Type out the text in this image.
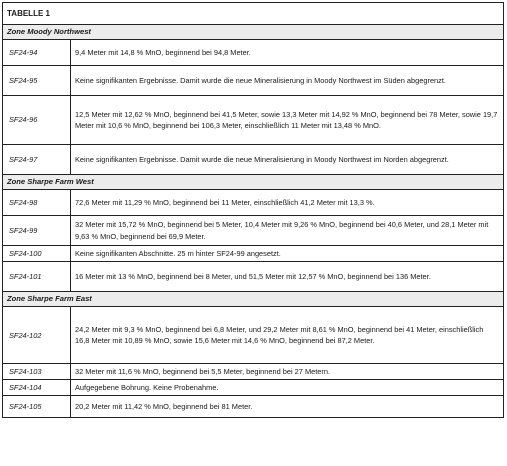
TABELLE 1	
Zone Moody Northwest	
SF24-94	9,4 Meter mit 14,8 % MnO, beginnend bei 94,8 Meter.
SF24-95	Keine signifikanten Ergebnisse. Damit wurde die neue Mineralisierung in Moody Northwest im Süden abgegrenzt.
SF24-96	12,5 Meter mit 12,62 % MnO, beginnend bei 41,5 Meter, sowie 13,3 Meter mit 14,92 % MnO, beginnend bei 78 Meter, sowie 19,7 Meter mit 10,6 % MnO, beginnend bei 106,3 Meter, einschließlich 11 Meter mit 13,48 % MnO.
SF24-97	Keine signifikanten Ergebnisse. Damit wurde die neue Mineralisierung in Moody Northwest im Norden abgegrenzt.
Zone Sharpe Farm West	
SF24-98	72,6 Meter mit 11,29 % MnO, beginnend bei 11 Meter, einschließlich 41,2 Meter mit 13,3 %.
SF24-99	32 Meter mit 15,72 % MnO, beginnend bei 5 Meter, 10,4 Meter mit 9,26 % MnO, beginnend bei 40,6 Meter, und 28,1 Meter mit 9,63 % MnO, beginnend bei 69,9 Meter.
SF24-100	Keine signifikanten Abschnitte. 25 m hinter SF24-99 angesetzt.
SF24-101	16 Meter mit 13 % MnO, beginnend bei 8 Meter, und 51,5 Meter mit 12,57 % MnO, beginnend bei 136 Meter.
Zone Sharpe Farm East	
SF24-102	24,2 Meter mit 9,3 % MnO, beginnend bei 6,8 Meter, und 29,2 Meter mit 8,61 % MnO, beginnend bei 41 Meter, einschließlich 16,8 Meter mit 10,89 % MnO, sowie 15,6 Meter mit 14,6 % MnO, beginnend bei 87,2 Meter.
SF24-103	32 Meter mit 11,6 % MnO, beginnend bei 5,5 Meter, beginnend bei 27 Metern.
SF24-104	Aufgegebene Bohrung. Keine Probenahme.
SF24-105	20,2 Meter mit 11,42 % MnO, beginnend bei 81 Meter.
